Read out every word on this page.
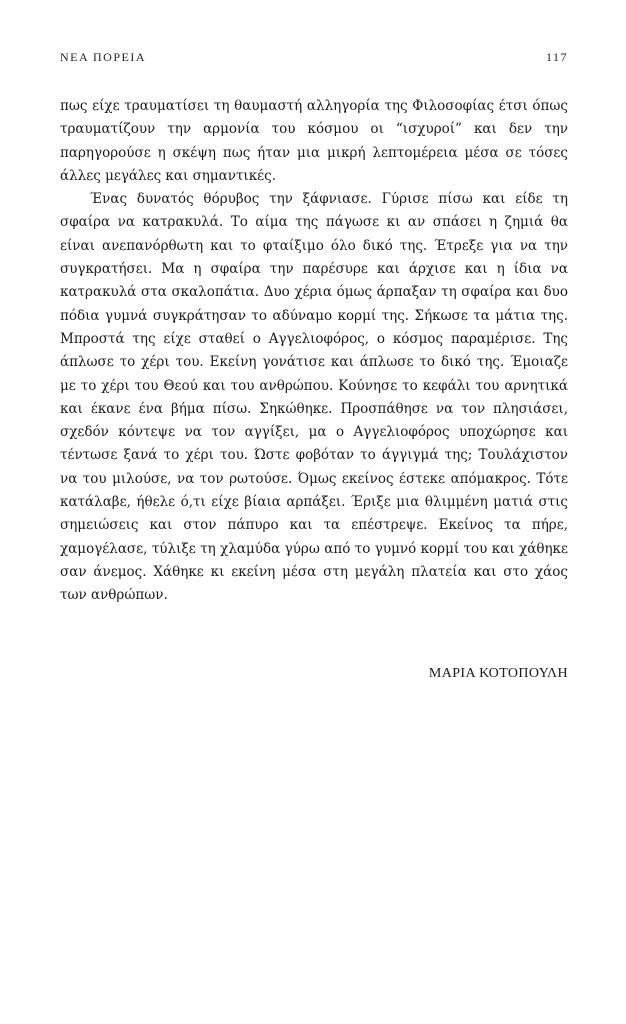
ΝΕΑ ΠΟΡΕΙΑ	117

πως είχε τραυματίσει τη θαυμαστή αλληγορία της Φιλοσοφίας έτσι όπως τραυματίζουν την αρμονία του κόσμου οι “ισχυροί” και δεν την παρηγορούσε η σκέψη πως ήταν μια μικρή λεπτομέρεια μέσα σε τόσες άλλες μεγάλες και σημαντικές.

Ένας δυνατός θόρυβος την ξάφνιασε. Γύρισε πίσω και είδε τη σφαίρα να κατρακυλά. Το αίμα της πάγωσε κι αν σπάσει η ζημιά θα είναι ανεπανόρθωτη και το φταίξιμο όλο δικό της. Έτρεξε για να την συγκρατήσει. Μα η σφαίρα την παρέσυρε και άρχισε και η ίδια να κατρακυλά στα σκαλοπάτια. Δυο χέρια όμως άρπαξαν τη σφαίρα και δυο πόδια γυμνά συγκράτησαν το αδύναμο κορμί της. Σήκωσε τα μάτια της. Μπροστά της είχε σταθεί ο Αγγελιοφόρος, ο κόσμος παραμέρισε. Της άπλωσε το χέρι του. Εκείνη γονάτισε και άπλωσε το δικό της. Έμοιαζε με το χέρι του Θεού και του ανθρώπου. Κούνησε το κεφάλι του αρνητικά και έκανε ένα βήμα πίσω. Σηκώθηκε. Προσπάθησε να τον πλησιάσει, σχεδόν κόντεψε να τον αγγίξει, μα ο Αγγελιοφόρος υποχώρησε και τέντωσε ξανά το χέρι του. Ώστε φοβόταν το άγγιγμά της; Τουλάχιστον να του μιλούσε, να τον ρωτούσε. Όμως εκείνος έστεκε απόμακρος. Τότε κατάλαβε, ήθελε ό,τι είχε βίαια αρπάξει. Έριξε μια θλιμμένη ματιά στις σημειώσεις και στον πάπυρο και τα επέστρεψε. Εκείνος τα πήρε, χαμογέλασε, τύλιξε τη χλαμύδα γύρω από το γυμνό κορμί του και χάθηκε σαν άνεμος. Χάθηκε κι εκείνη μέσα στη μεγάλη πλατεία και στο χάος των ανθρώπων.

ΜΑΡΙΑ ΚΟΤΟΠΟΥΛΗ
